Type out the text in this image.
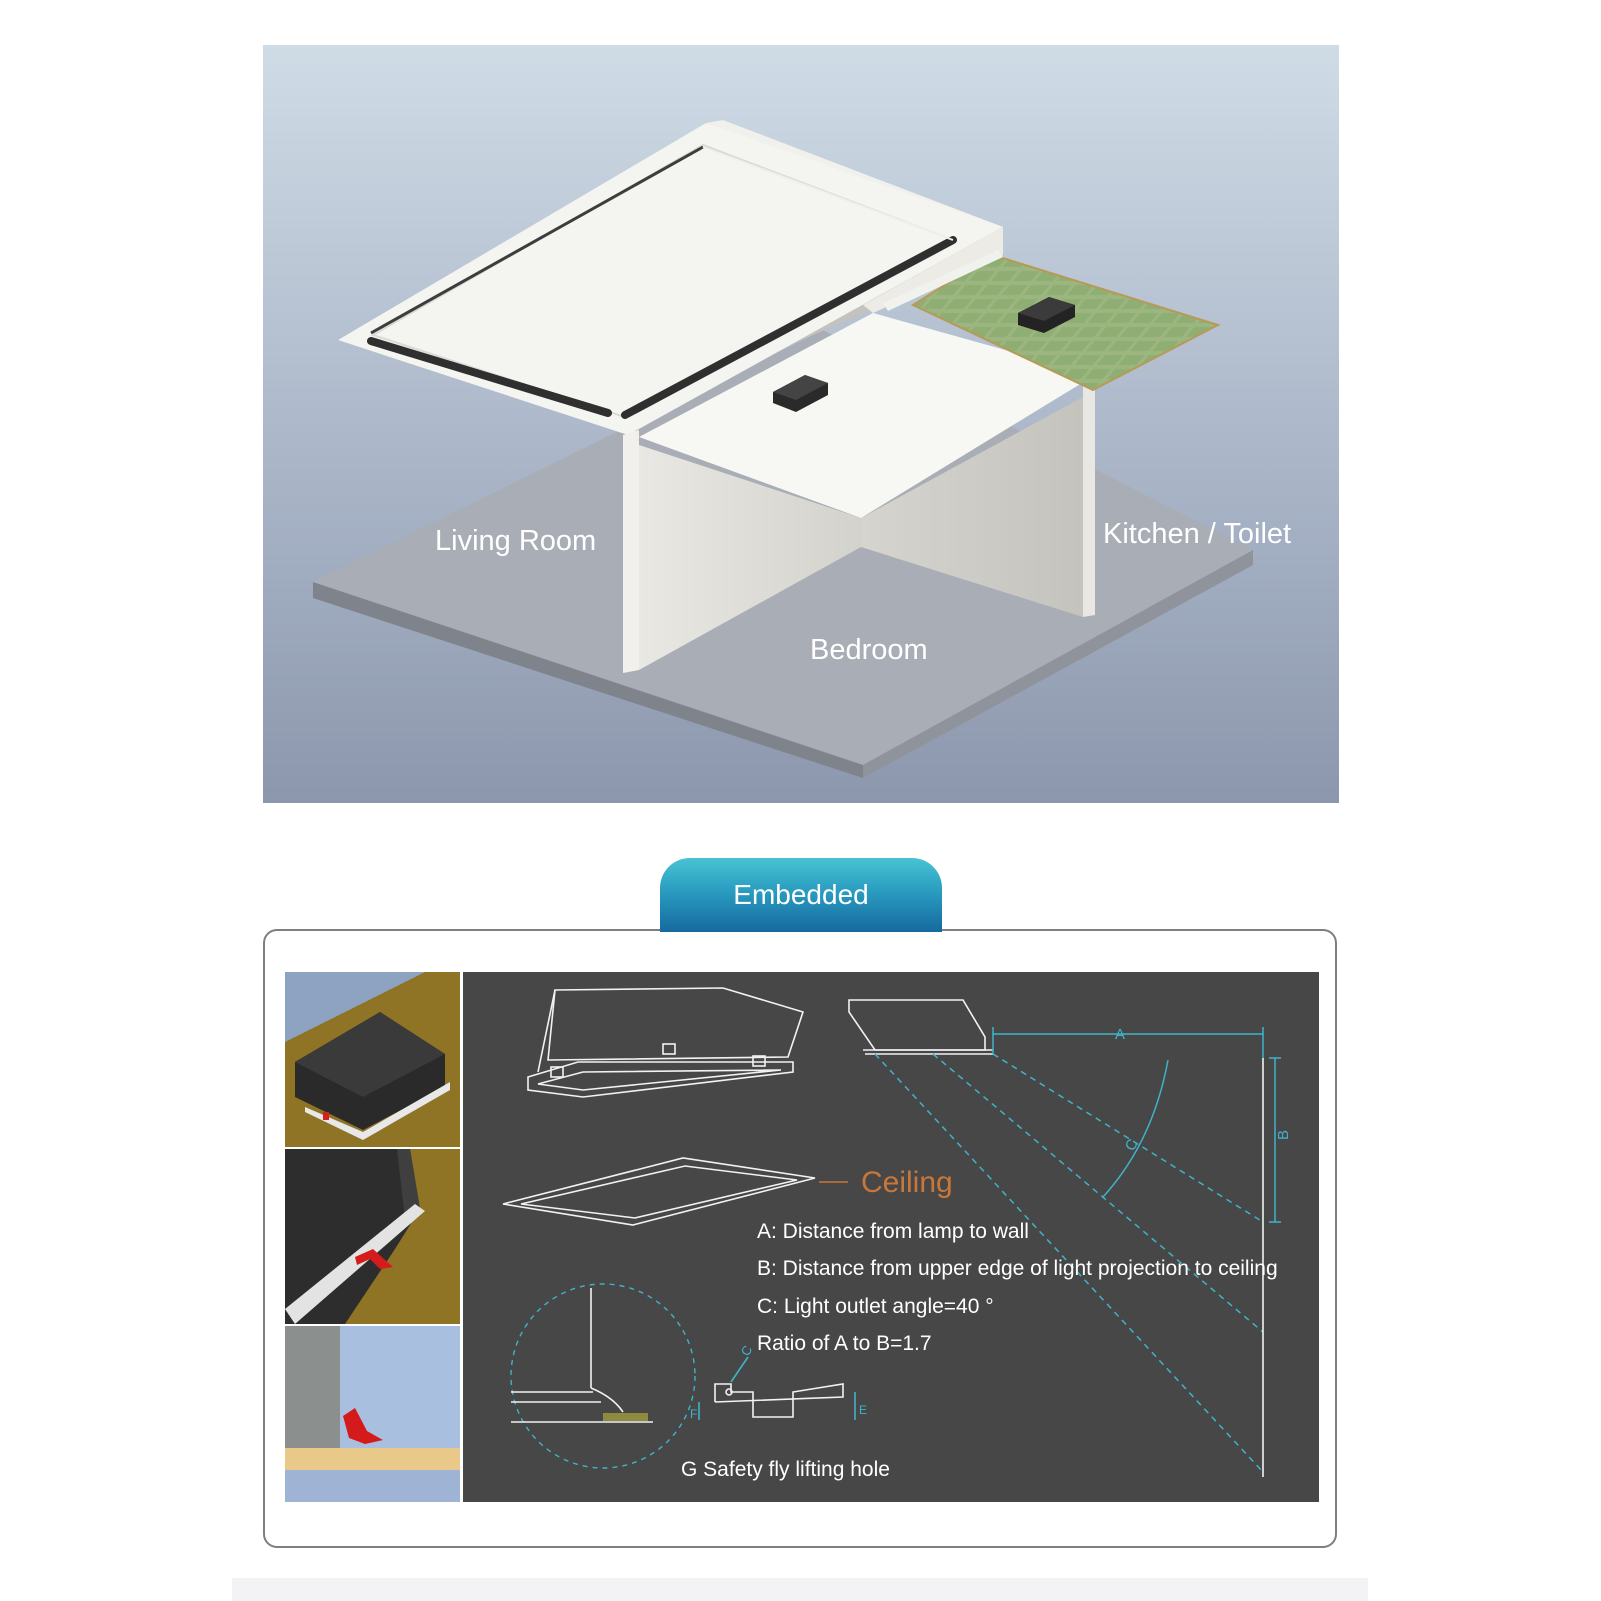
Living Room	Kitchen / Toilet
Bedroom
Embedded
A
B
C
Ceiling
A: Distance from lamp to wall
B: Distance from upper edge of light projection to ceiling
C: Light outlet angle=40 °
Ratio of A to B=1.7
C
F	E
G Safety fly lifting hole
